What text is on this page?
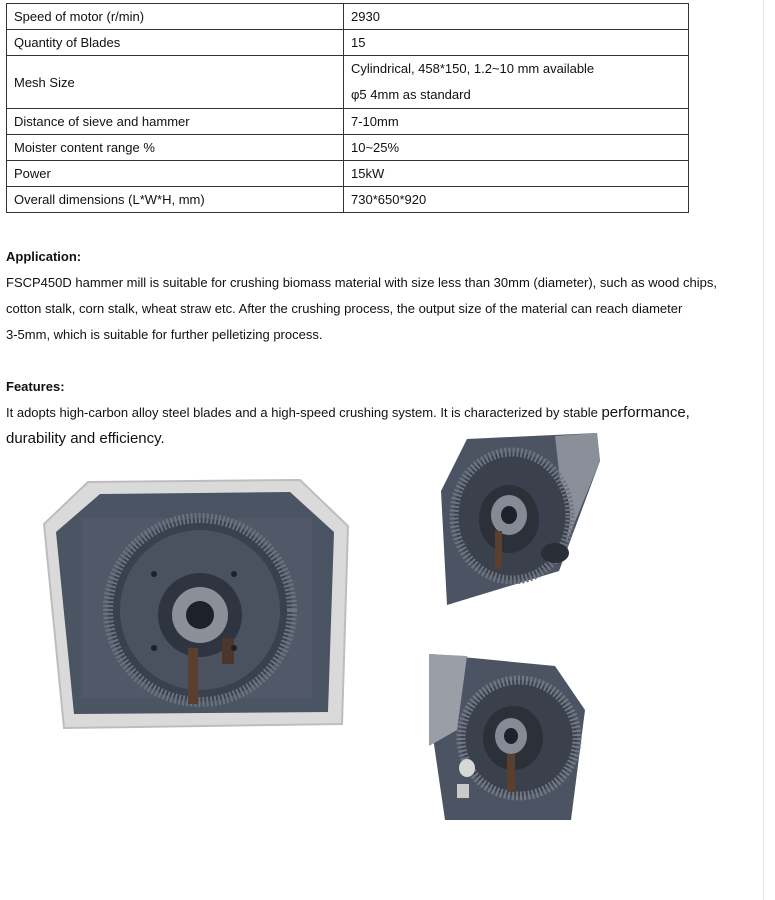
Speed of motor (r/min)	2930
Quantity of Blades	15
Mesh Size	Cylindrical, 458*150, 1.2~10 mm available
φ5 4mm as standard

Distance of sieve and hammer	7-10mm
Moister content range %	10~25%
Power	15kW
Overall dimensions (L*W*H, mm)	730*650*920

Application:

FSCP450D hammer mill is suitable for crushing biomass material with size less than 30mm (diameter), such as wood chips,

cotton stalk, corn stalk, wheat straw etc. After the crushing process, the output size of the material can reach diameter

3-5mm, which is suitable for further pelletizing process.

Features:

It adopts high-carbon alloy steel blades and a high-speed crushing system. It is characterized by stable performance,

durability and efficiency.
